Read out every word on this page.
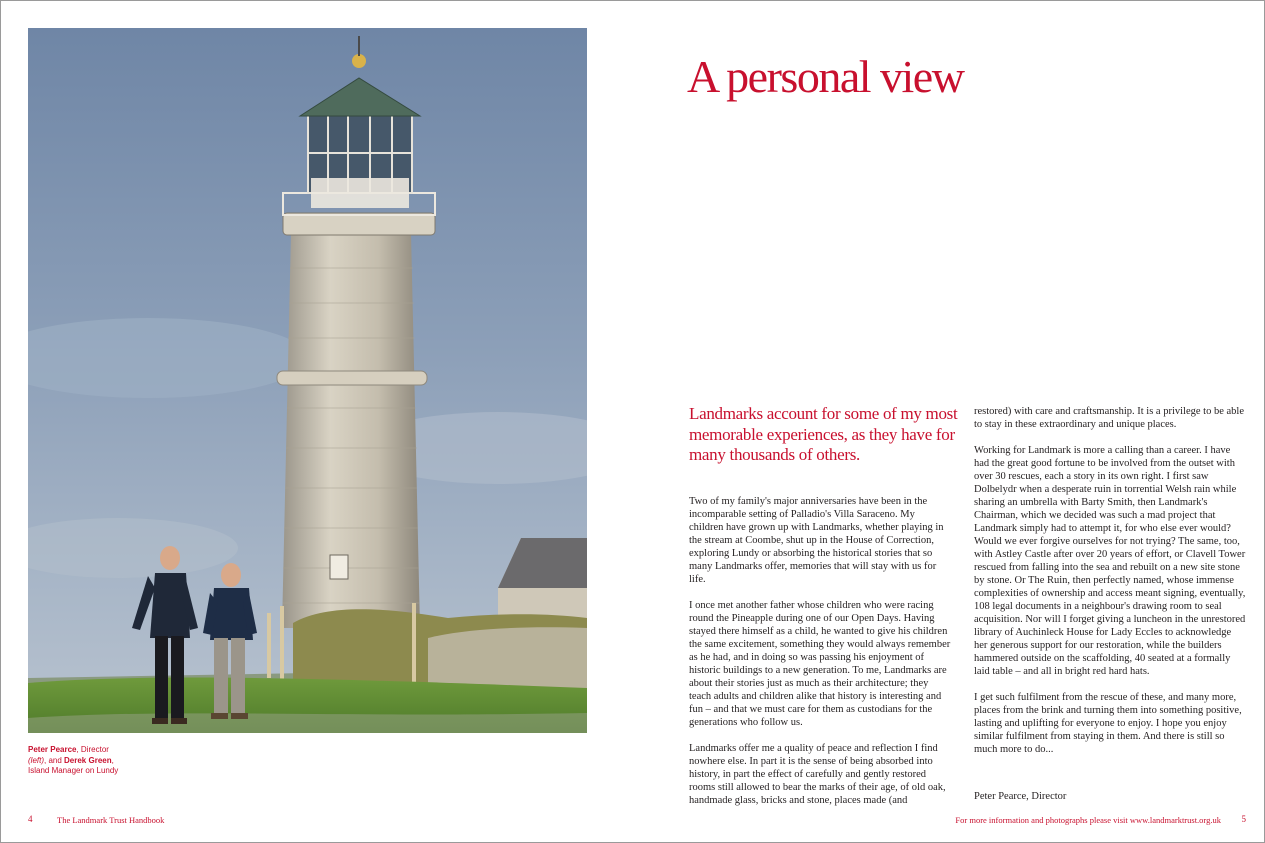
Peter Pearce, Director
(left), and Derek Green,
Island Manager on Lundy
A personal view
Landmarks account for some of my most memorable experiences, as they have for many thousands of others.

Two of my family's major anniversaries have been in the incomparable setting of Palladio's Villa Saraceno. My children have grown up with Landmarks, whether playing in the stream at Coombe, shut up in the House of Correction, exploring Lundy or absorbing the historical stories that so many Landmarks offer, memories that will stay with us for life.

I once met another father whose children who were racing round the Pineapple during one of our Open Days. Having stayed there himself as a child, he wanted to give his children the same excitement, something they would always remember as he had, and in doing so was passing his enjoyment of historic buildings to a new generation. To me, Landmarks are about their stories just as much as their architecture; they teach adults and children alike that history is interesting and fun – and that we must care for them as custodians for the generations who follow us.

Landmarks offer me a quality of peace and reflection I find nowhere else. In part it is the sense of being absorbed into history, in part the effect of carefully and gently restored rooms still allowed to bear the marks of their age, of old oak, handmade glass, bricks and stone, places made (and

restored) with care and craftsmanship. It is a privilege to be able to stay in these extraordinary and unique places.

Working for Landmark is more a calling than a career. I have had the great good fortune to be involved from the outset with over 30 rescues, each a story in its own right. I first saw Dolbelydr when a desperate ruin in torrential Welsh rain while sharing an umbrella with Barty Smith, then Landmark's Chairman, which we decided was such a mad project that Landmark simply had to attempt it, for who else ever would? Would we ever forgive ourselves for not trying? The same, too, with Astley Castle after over 20 years of effort, or Clavell Tower rescued from falling into the sea and rebuilt on a new site stone by stone. Or The Ruin, then perfectly named, whose immense complexities of ownership and access meant signing, eventually, 108 legal documents in a neighbour's drawing room to seal acquisition. Nor will I forget giving a luncheon in the unrestored library of Auchinleck House for Lady Eccles to acknowledge her generous support for our restoration, while the builders hammered outside on the scaffolding, 40 seated at a formally laid table – and all in bright red hard hats.

I get such fulfilment from the rescue of these, and many more, places from the brink and turning them into something positive, lasting and uplifting for everyone to enjoy. I hope you enjoy similar fulfilment from staying in them. And there is still so much more to do...

Peter Pearce, Director
4	The Landmark Trust Handbook	For more information and photographs please visit www.landmarktrust.org.uk 5
